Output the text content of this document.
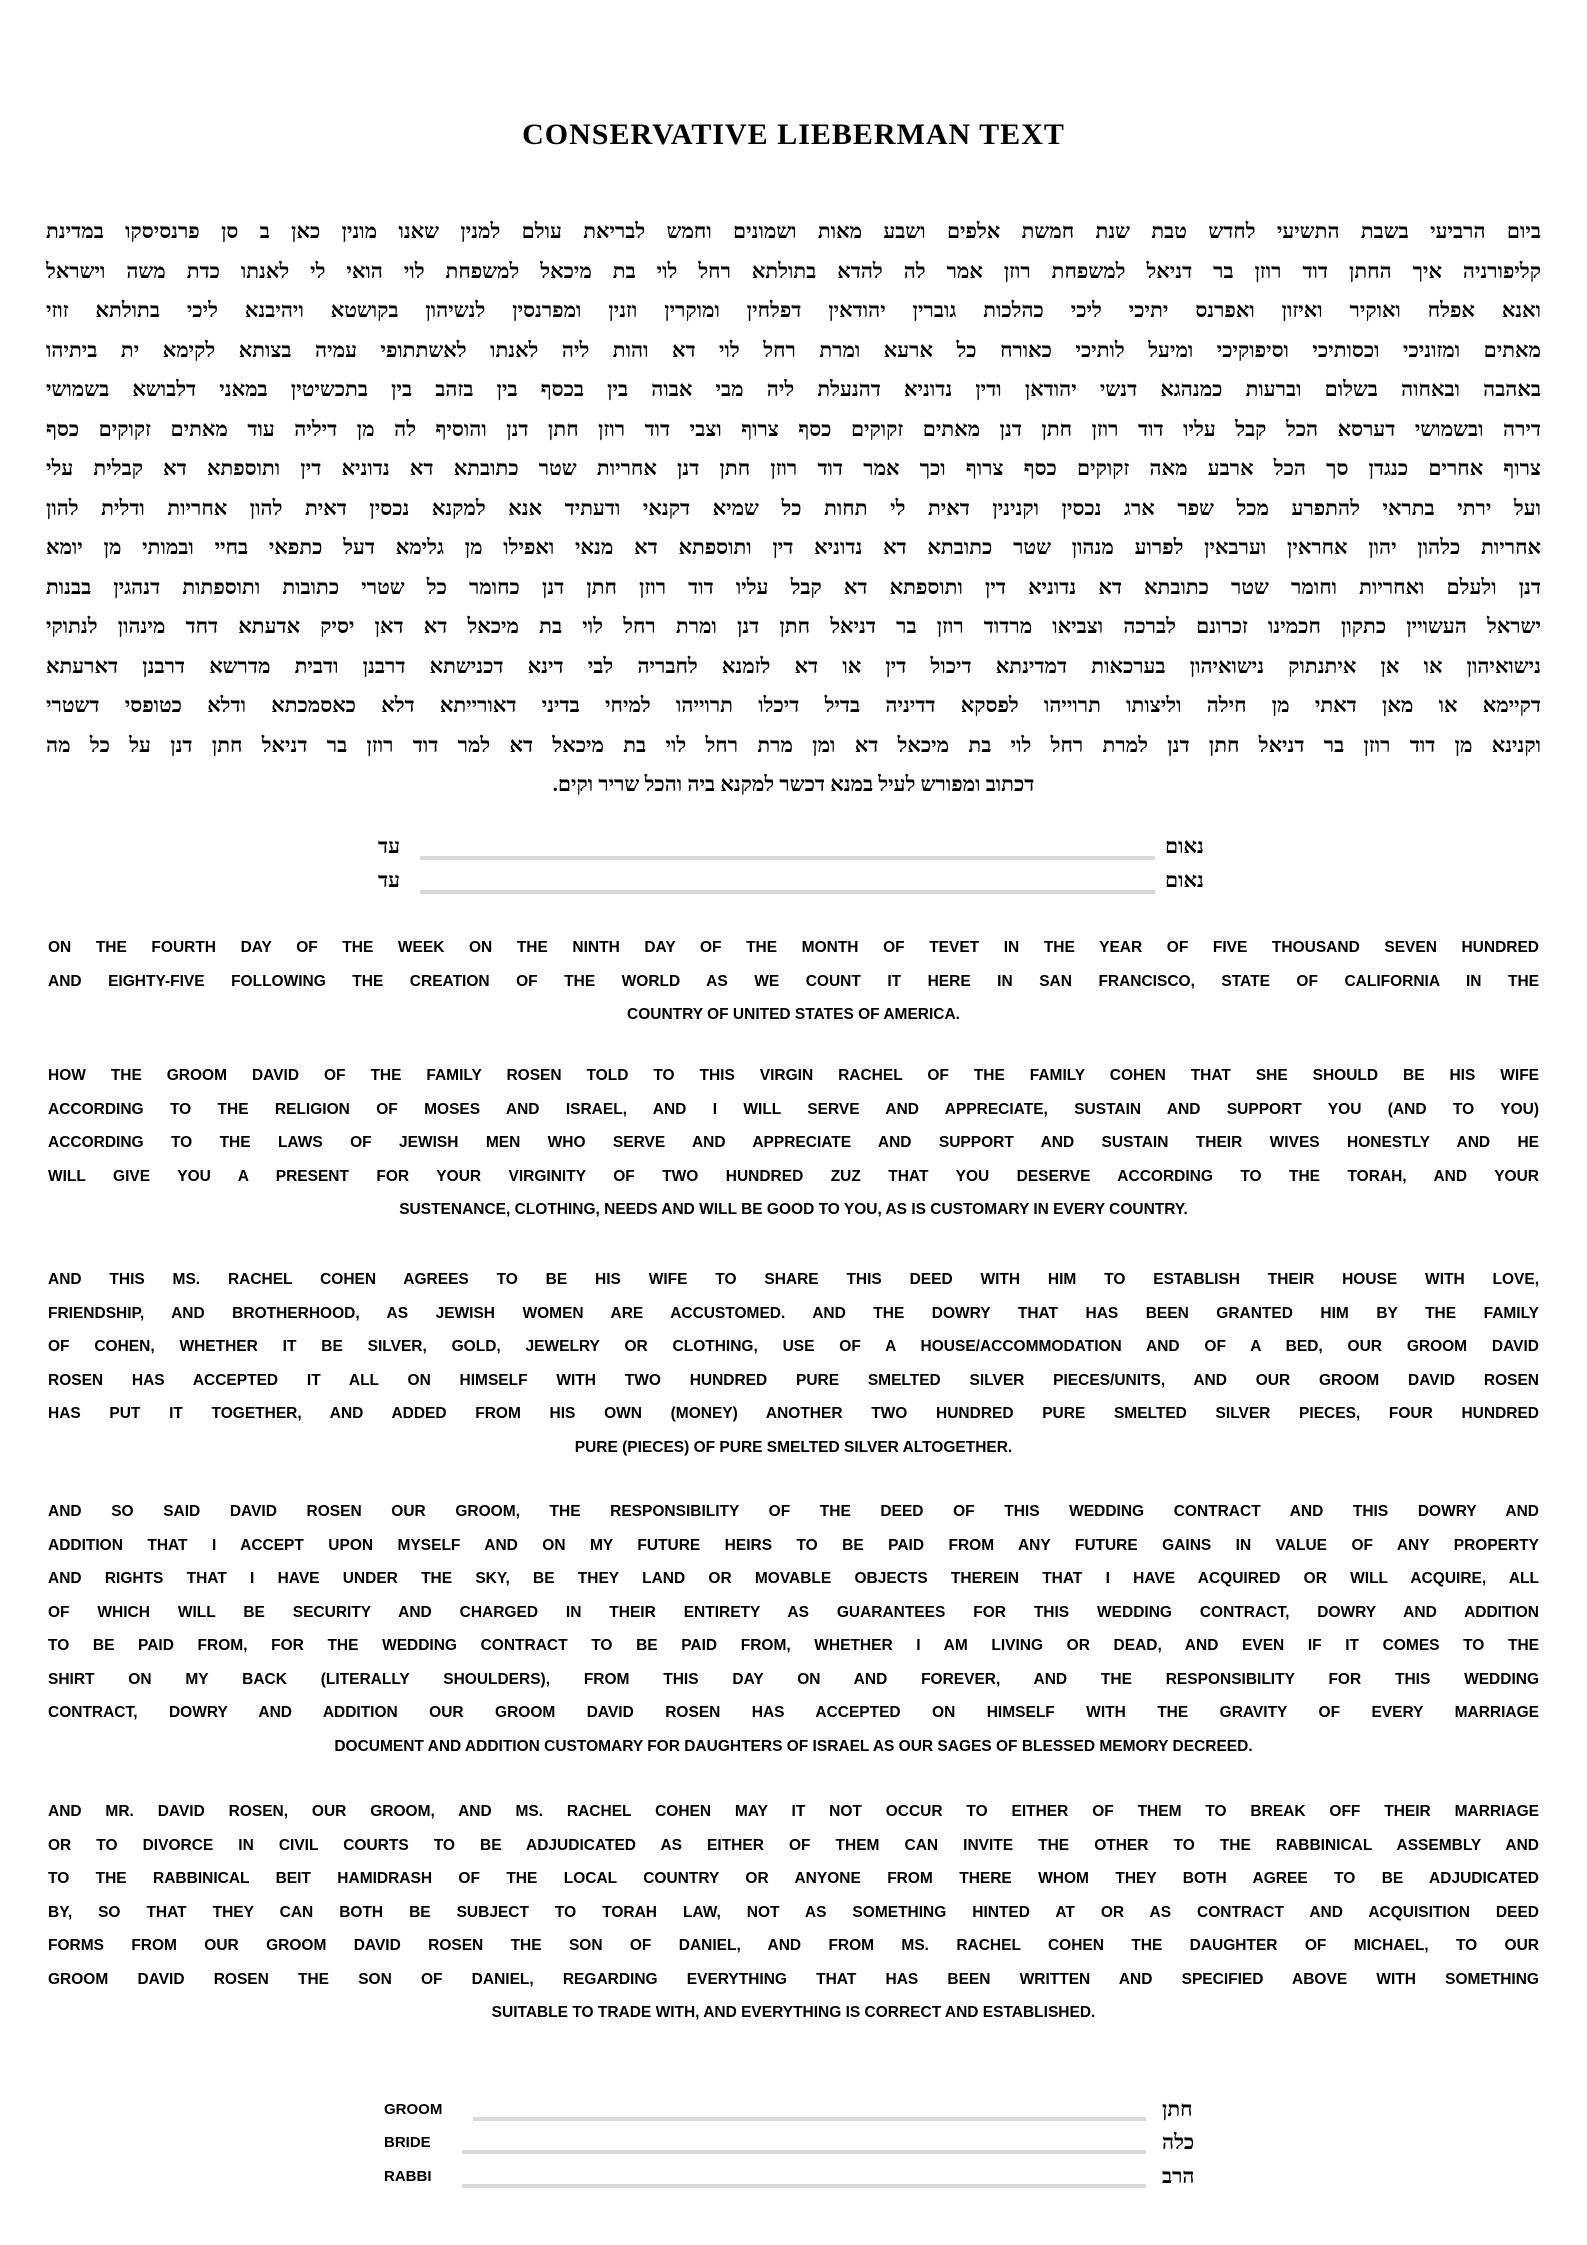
CONSERVATIVE LIEBERMAN TEXT
ביום הרביעי בשבת התשיעי לחדש טבת שנת חמשת אלפים ושבע מאות ושמונים וחמש לבריאת עולם למנין שאנו מונין כאן ב סן פרנסיסקו במדינת
קליפורניה איך החתן דוד רוזן בר דניאל למשפחת רוזן אמר לה להדא בתולתא רחל לוי בת מיכאל למשפחת לוי הואי לי לאנתו כדת משה וישראל
ואנא אפלח ואוקיר ואיזון ואפרנס יתיכי ליכי כהלכות גוברין יהודאין דפלחין ומוקרין וזנין ומפרנסין לנשיהון בקושטא ויהיבנא ליכי בתולתא זוזי
מאתים ומזוניכי וכסותיכי וסיפוקיכי ומיעל לותיכי כאורח כל ארעא ומרת רחל לוי דא והות ליה לאנתו לאשתתופי עמיה בצותא לקימא ית ביתיהו
באהבה ובאחוה בשלום וברעות כמנהגא דנשי יהודאן ודין נדוניא דהנעלת ליה מבי אבוה בין בכסף בין בזהב בין בתכשיטין במאני דלבושא בשמושי
דירה ובשמושי דערסא הכל קבל עליו דוד רוזן חתן דנן מאתים זקוקים כסף צרוף וצבי דוד רוזן חתן דנן והוסיף לה מן דיליה עוד מאתים זקוקים כסף
צרוף אחרים כנגדן סך הכל ארבע מאה זקוקים כסף צרוף וכך אמר דוד רוזן חתן דנן אחריות שטר כתובתא דא נדוניא דין ותוספתא דא קבלית עלי
ועל ירתי בתראי להתפרע מכל שפר ארג נכסין וקנינין דאית לי תחות כל שמיא דקנאי ודעתיד אנא למקנא נכסין דאית להון אחריות ודלית להון
אחריות כלהון יהון אחראין וערבאין לפרוע מנהון שטר כתובתא דא נדוניא דין ותוספתא דא מנאי ואפילו מן גלימא דעל כתפאי בחיי ובמותי מן יומא
דנן ולעלם ואחריות וחומר שטר כתובתא דא נדוניא דין ותוספתא דא קבל עליו דוד רוזן חתן דנן כחומר כל שטרי כתובות ותוספתות דנהגין בבנות
ישראל העשויין כתקון חכמינו זכרונם לברכה וצביאו מרדוד רוזן בר דניאל חתן דנן ומרת רחל לוי בת מיכאל דא דאן יסיק אדעתא דחד מינהון לנתוקי
נישואיהון או אן איתנתוק נישואיהון בערכאות דמדינתא דיכול דין או דא לזמנא לחבריה לבי דינא דכנישתא דרבנן ודבית מדרשא דרבנן דארעתא
דקיימא או מאן דאתי מן חילה וליצותו תרוייהו לפסקא דדיניה בדיל דיכלו תרוייהו למיחי בדיני דאורייתא דלא כאסמכתא ודלא כטופסי דשטרי
וקנינא מן דוד רוזן בר דניאל חתן דנן למרת רחל לוי בת מיכאל דא ומן מרת רחל לוי בת מיכאל דא למר דוד רוזן בר דניאל חתן דנן על כל מה
דכתוב ומפורש לעיל במנא דכשר למקנא ביה והכל שריר וקים.
עד	נאום
עד	נאום
ON THE FOURTH DAY OF THE WEEK ON THE NINTH DAY OF THE MONTH OF TEVET IN THE YEAR OF FIVE THOUSAND SEVEN HUNDRED
AND EIGHTY-FIVE FOLLOWING THE CREATION OF THE WORLD AS WE COUNT IT HERE IN SAN FRANCISCO, STATE OF CALIFORNIA IN THE
COUNTRY OF UNITED STATES OF AMERICA.
HOW THE GROOM DAVID OF THE FAMILY ROSEN TOLD TO THIS VIRGIN RACHEL OF THE FAMILY COHEN THAT SHE SHOULD BE HIS WIFE
ACCORDING TO THE RELIGION OF MOSES AND ISRAEL, AND I WILL SERVE AND APPRECIATE, SUSTAIN AND SUPPORT YOU (AND TO YOU)
ACCORDING TO THE LAWS OF JEWISH MEN WHO SERVE AND APPRECIATE AND SUPPORT AND SUSTAIN THEIR WIVES HONESTLY AND HE
WILL GIVE YOU A PRESENT FOR YOUR VIRGINITY OF TWO HUNDRED ZUZ THAT YOU DESERVE ACCORDING TO THE TORAH, AND YOUR
SUSTENANCE, CLOTHING, NEEDS AND WILL BE GOOD TO YOU, AS IS CUSTOMARY IN EVERY COUNTRY.
AND THIS MS. RACHEL COHEN AGREES TO BE HIS WIFE TO SHARE THIS DEED WITH HIM TO ESTABLISH THEIR HOUSE WITH LOVE,
FRIENDSHIP, AND BROTHERHOOD, AS JEWISH WOMEN ARE ACCUSTOMED. AND THE DOWRY THAT HAS BEEN GRANTED HIM BY THE FAMILY
OF COHEN, WHETHER IT BE SILVER, GOLD, JEWELRY OR CLOTHING, USE OF A HOUSE/ACCOMMODATION AND OF A BED, OUR GROOM DAVID
ROSEN HAS ACCEPTED IT ALL ON HIMSELF WITH TWO HUNDRED PURE SMELTED SILVER PIECES/UNITS, AND OUR GROOM DAVID ROSEN
HAS PUT IT TOGETHER, AND ADDED FROM HIS OWN (MONEY) ANOTHER TWO HUNDRED PURE SMELTED SILVER PIECES, FOUR HUNDRED
PURE (PIECES) OF PURE SMELTED SILVER ALTOGETHER.
AND SO SAID DAVID ROSEN OUR GROOM, THE RESPONSIBILITY OF THE DEED OF THIS WEDDING CONTRACT AND THIS DOWRY AND
ADDITION THAT I ACCEPT UPON MYSELF AND ON MY FUTURE HEIRS TO BE PAID FROM ANY FUTURE GAINS IN VALUE OF ANY PROPERTY
AND RIGHTS THAT I HAVE UNDER THE SKY, BE THEY LAND OR MOVABLE OBJECTS THEREIN THAT I HAVE ACQUIRED OR WILL ACQUIRE, ALL
OF WHICH WILL BE SECURITY AND CHARGED IN THEIR ENTIRETY AS GUARANTEES FOR THIS WEDDING CONTRACT, DOWRY AND ADDITION
TO BE PAID FROM, FOR THE WEDDING CONTRACT TO BE PAID FROM, WHETHER I AM LIVING OR DEAD, AND EVEN IF IT COMES TO THE
SHIRT ON MY BACK (LITERALLY SHOULDERS), FROM THIS DAY ON AND FOREVER, AND THE RESPONSIBILITY FOR THIS WEDDING
CONTRACT, DOWRY AND ADDITION OUR GROOM DAVID ROSEN HAS ACCEPTED ON HIMSELF WITH THE GRAVITY OF EVERY MARRIAGE
DOCUMENT AND ADDITION CUSTOMARY FOR DAUGHTERS OF ISRAEL AS OUR SAGES OF BLESSED MEMORY DECREED.
AND MR. DAVID ROSEN, OUR GROOM, AND MS. RACHEL COHEN MAY IT NOT OCCUR TO EITHER OF THEM TO BREAK OFF THEIR MARRIAGE
OR TO DIVORCE IN CIVIL COURTS TO BE ADJUDICATED AS EITHER OF THEM CAN INVITE THE OTHER TO THE RABBINICAL ASSEMBLY AND
TO THE RABBINICAL BEIT HAMIDRASH OF THE LOCAL COUNTRY OR ANYONE FROM THERE WHOM THEY BOTH AGREE TO BE ADJUDICATED
BY, SO THAT THEY CAN BOTH BE SUBJECT TO TORAH LAW, NOT AS SOMETHING HINTED AT OR AS CONTRACT AND ACQUISITION DEED
FORMS FROM OUR GROOM DAVID ROSEN THE SON OF DANIEL, AND FROM MS. RACHEL COHEN THE DAUGHTER OF MICHAEL, TO OUR
GROOM DAVID ROSEN THE SON OF DANIEL, REGARDING EVERYTHING THAT HAS BEEN WRITTEN AND SPECIFIED ABOVE WITH SOMETHING
SUITABLE TO TRADE WITH, AND EVERYTHING IS CORRECT AND ESTABLISHED.
GROOM	חתן
BRIDE	כלה
RABBI	הרב
